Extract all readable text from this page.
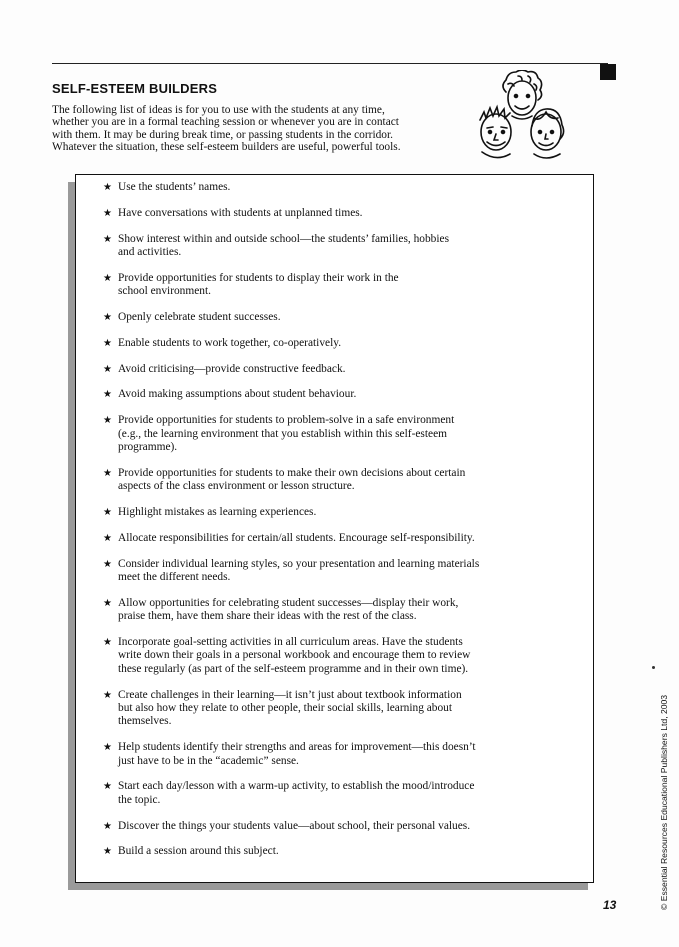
SELF-ESTEEM BUILDERS

The following list of ideas is for you to use with the students at any time,
whether you are in a formal teaching session or whenever you are in contact
with them. It may be during break time, or passing students in the corridor.
Whatever the situation, these self-esteem builders are useful, powerful tools.

★ Use the students’ names.
★ Have conversations with students at unplanned times.
★ Show interest within and outside school—the students’ families, hobbies
and activities.
★ Provide opportunities for students to display their work in the
school environment.
★ Openly celebrate student successes.
★ Enable students to work together, co-operatively.
★ Avoid criticising—provide constructive feedback.
★ Avoid making assumptions about student behaviour.
★ Provide opportunities for students to problem-solve in a safe environment
(e.g., the learning environment that you establish within this self-esteem
programme).
★ Provide opportunities for students to make their own decisions about certain
aspects of the class environment or lesson structure.
★ Highlight mistakes as learning experiences.
★ Allocate responsibilities for certain/all students. Encourage self-responsibility.
★ Consider individual learning styles, so your presentation and learning materials
meet the different needs.
★ Allow opportunities for celebrating student successes—display their work,
praise them, have them share their ideas with the rest of the class.
★ Incorporate goal-setting activities in all curriculum areas. Have the students
write down their goals in a personal workbook and encourage them to review
these regularly (as part of the self-esteem programme and in their own time).
★ Create challenges in their learning—it isn’t just about textbook information
but also how they relate to other people, their social skills, learning about
themselves.
★ Help students identify their strengths and areas for improvement—this doesn’t
just have to be in the “academic” sense.
★ Start each day/lesson with a warm-up activity, to establish the mood/introduce
the topic.
★ Discover the things your students value—about school, their personal values.
★ Build a session around this subject.	© Essential Resources Educational Publishers Ltd, 2003
13
